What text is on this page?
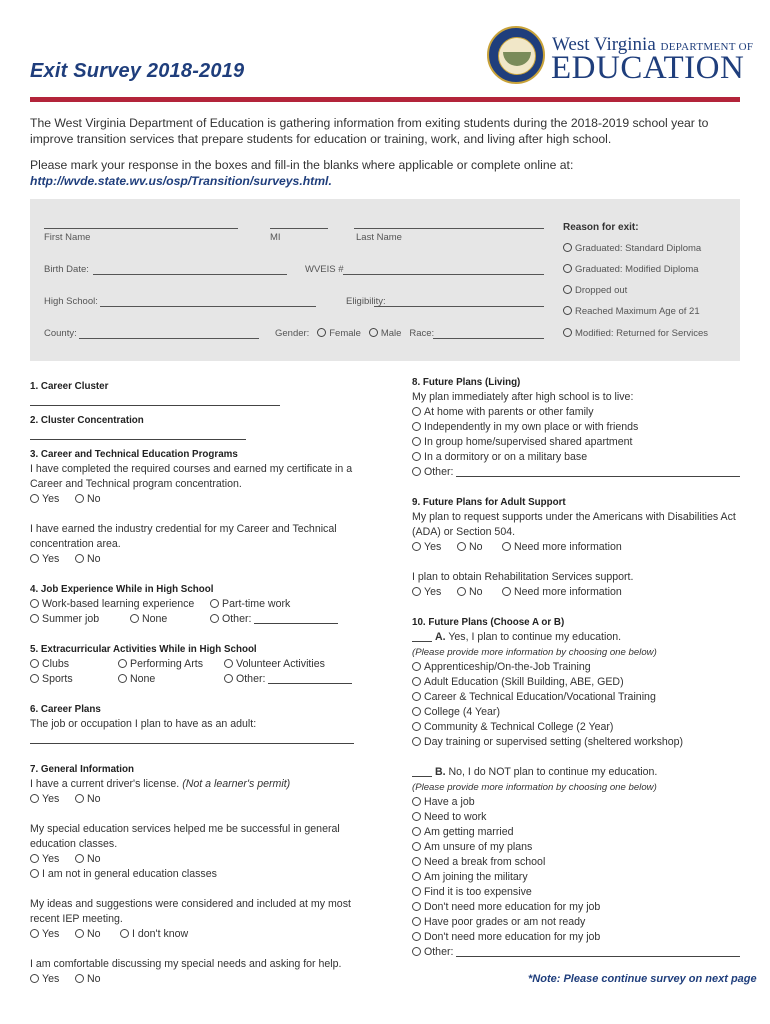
Exit Survey 2018-2019
West Virginia DEPARTMENT OF
EDUCATION
The West Virginia Department of Education is gathering information from exiting students during the 2018-2019 school year to improve transition services that prepare students for education or training, work, and living after high school.
Please mark your response in the boxes and fill-in the blanks where applicable or complete online at:
http://wvde.state.wv.us/osp/Transition/surveys.html.
First Name	MI	Last Name
Birth Date:	WVEIS #
High School:	Eligibility:
County:	Gender: Female Male Race:
Reason for exit:
Graduated: Standard Diploma
Graduated: Modified Diploma
Dropped out
Reached Maximum Age of 21
Modified: Returned for Services
1. Career Cluster
2. Cluster Concentration
3. Career and Technical Education Programs
I have completed the required courses and earned my certificate in a Career and Technical program concentration.
Yes	No
I have earned the industry credential for my Career and Technical concentration area.
Yes	No
4. Job Experience While in High School
Work-based learning experience	Part-time work
Summer job	None	Other:
5. Extracurricular Activities While in High School
Clubs	Performing Arts	Volunteer Activities
Sports	None	Other:
6. Career Plans
The job or occupation I plan to have as an adult:
7. General Information
I have a current driver's license. (Not a learner's permit)
Yes	No
My special education services helped me be successful in general education classes.
Yes	No
I am not in general education classes
My ideas and suggestions were considered and included at my most recent IEP meeting.
Yes	No	I don't know
I am comfortable discussing my special needs and asking for help.
Yes	No
8. Future Plans (Living)
My plan immediately after high school is to live:
At home with parents or other family
Independently in my own place or with friends
In group home/supervised shared apartment
In a dormitory or on a military base
Other:
9. Future Plans for Adult Support
My plan to request supports under the Americans with Disabilities Act (ADA) or Section 504.
Yes	No	Need more information
I plan to obtain Rehabilitation Services support.
Yes	No	Need more information
10. Future Plans (Choose A or B)
A. Yes, I plan to continue my education.
(Please provide more information by choosing one below)
Apprenticeship/On-the-Job Training
Adult Education (Skill Building, ABE, GED)
Career & Technical Education/Vocational Training
College (4 Year)
Community & Technical College (2 Year)
Day training or supervised setting (sheltered workshop)
B. No, I do NOT plan to continue my education.
(Please provide more information by choosing one below)
Have a job
Need to work
Am getting married
Am unsure of my plans
Need a break from school
Am joining the military
Find it is too expensive
Don't need more education for my job
Have poor grades or am not ready
Don't need more education for my job
Other:
*Note: Please continue survey on next page
